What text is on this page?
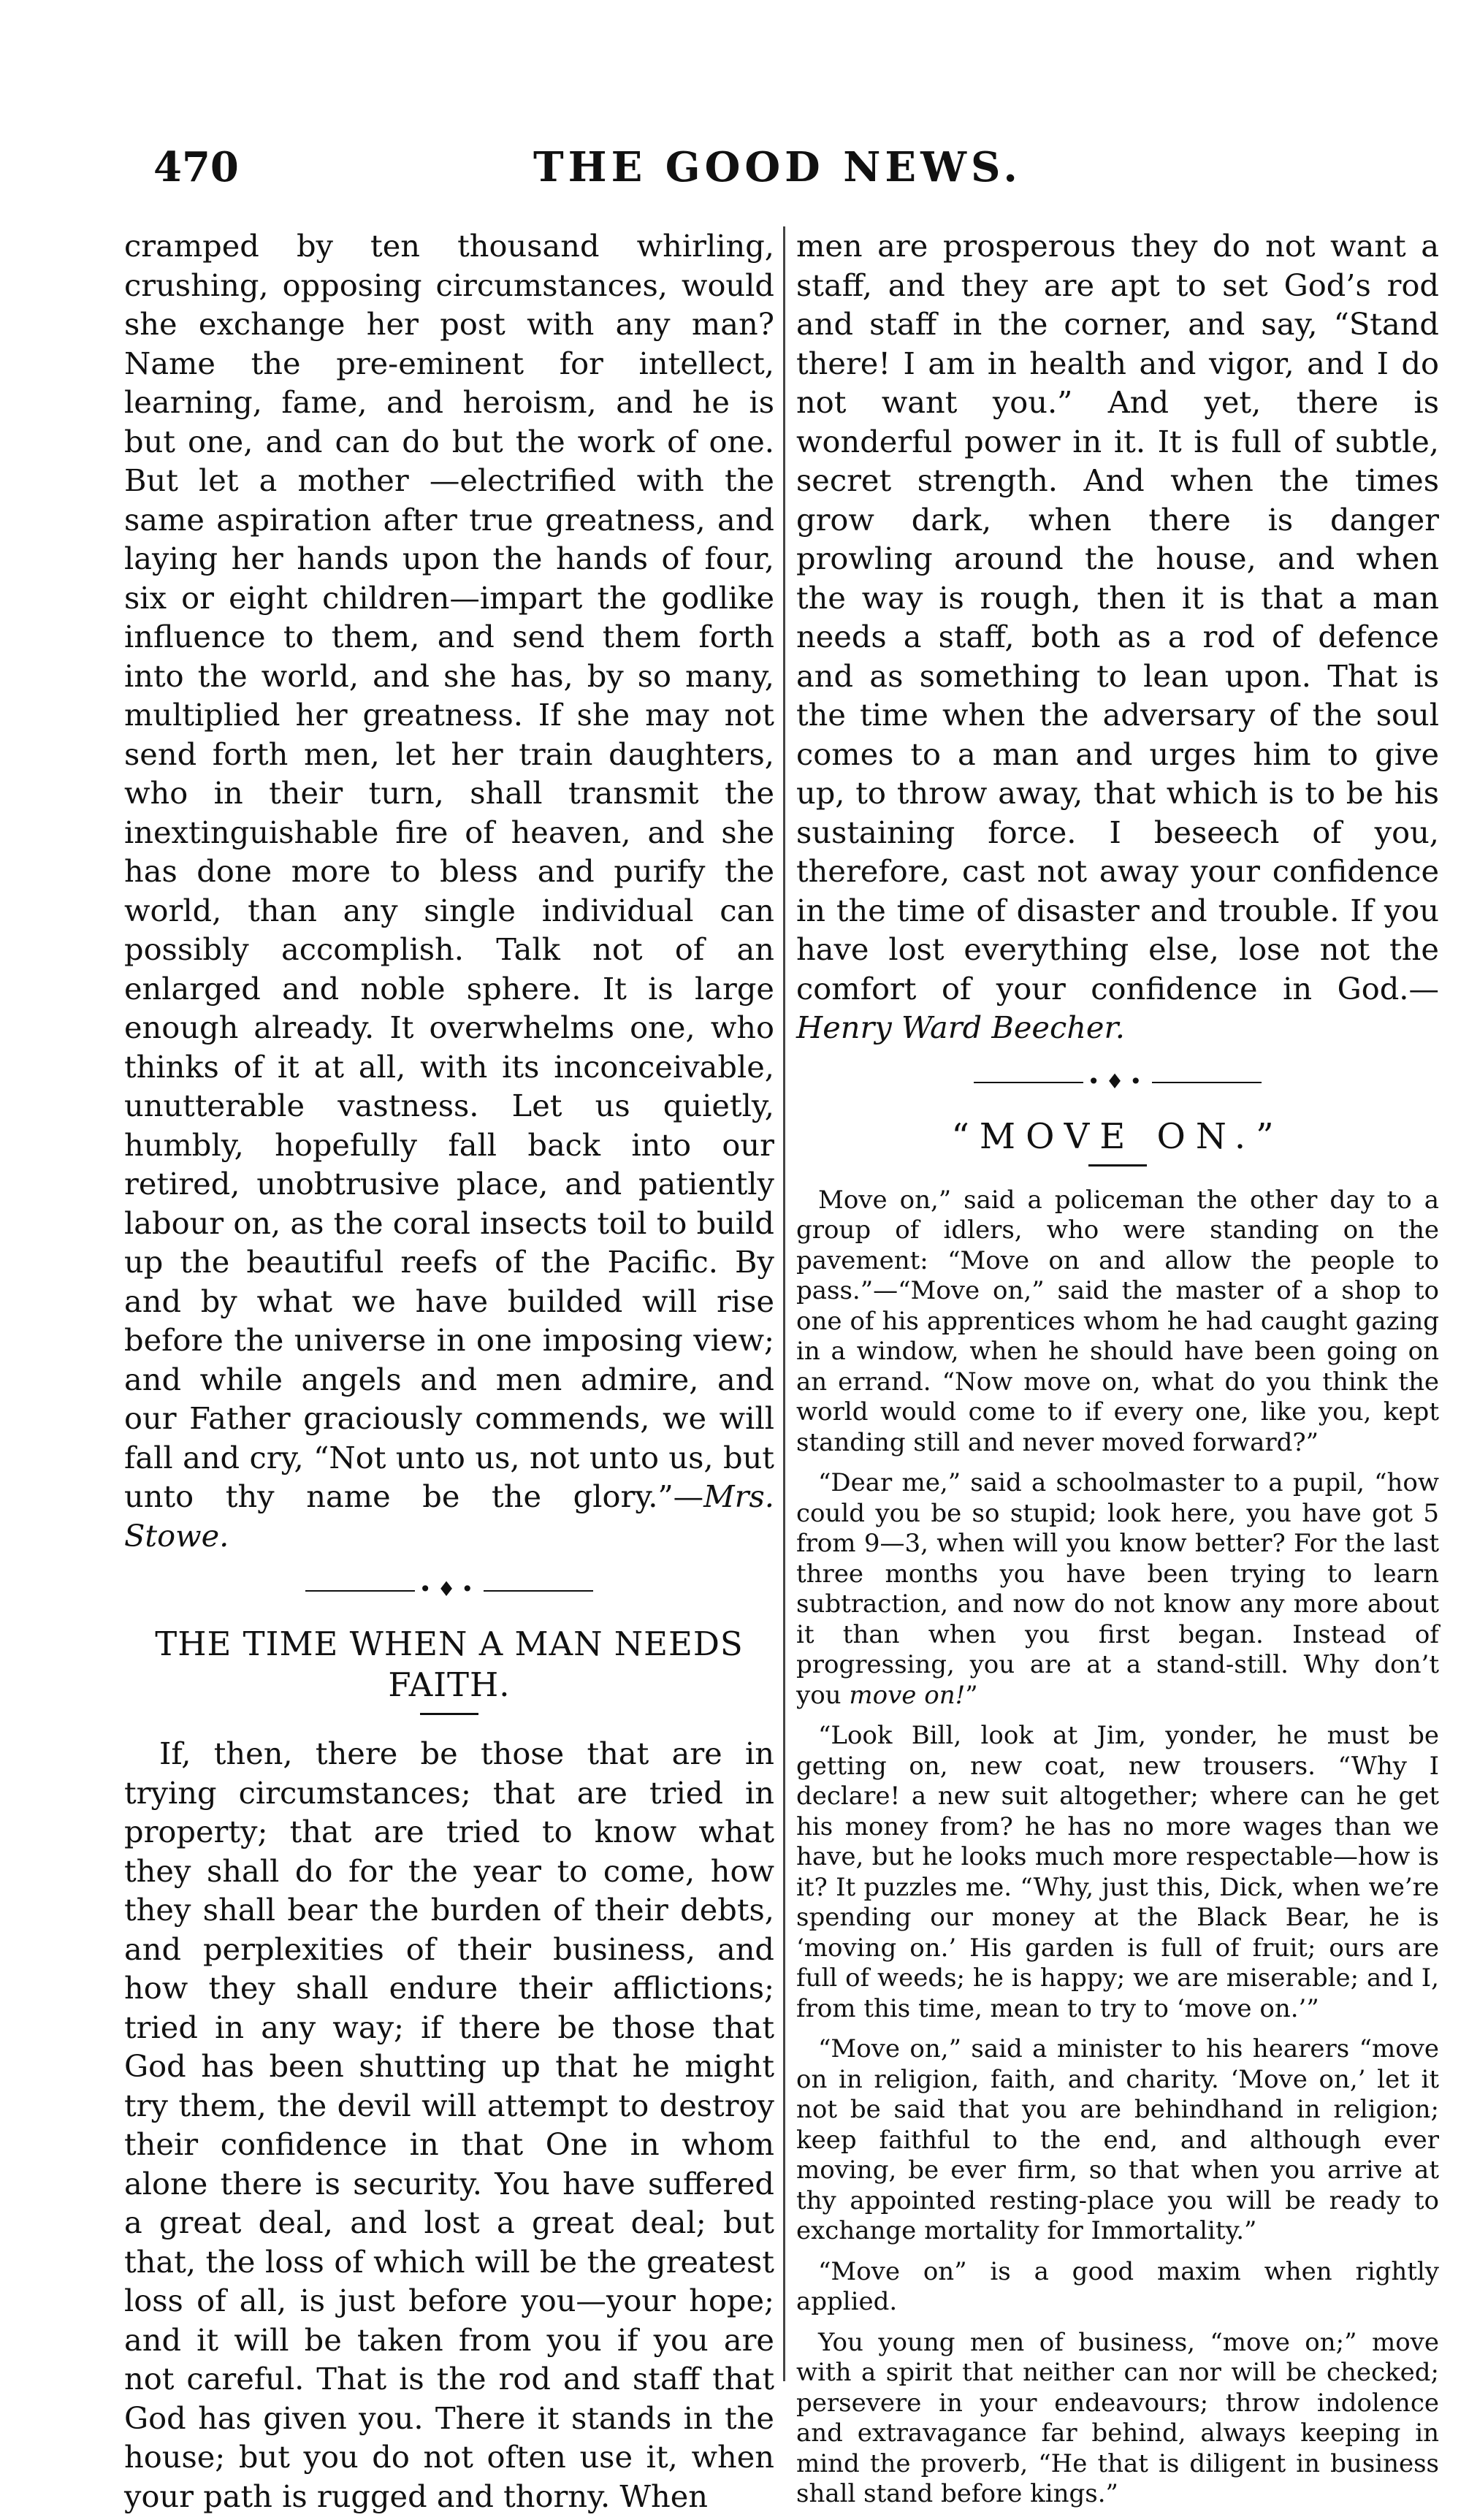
470	THE GOOD NEWS.

cramped by ten thousand whirling, crushing, opposing circumstances, would she exchange her post with any man? Name the pre-eminent for intellect, learning, fame, and heroism, and he is but one, and can do but the work of one. But let a mother —electrified with the same aspiration after true greatness, and laying her hands upon the hands of four, six or eight children—impart the godlike influence to them, and send them forth into the world, and she has, by so many, multiplied her greatness. If she may not send forth men, let her train daughters, who in their turn, shall transmit the inextinguishable fire of heaven, and she has done more to bless and purify the world, than any single individual can possibly accomplish. Talk not of an enlarged and noble sphere. It is large enough already. It overwhelms one, who thinks of it at all, with its inconceivable, unutterable vastness. Let us quietly, humbly, hopefully fall back into our retired, unobtrusive place, and patiently labour on, as the coral insects toil to build up the beautiful reefs of the Pacific. By and by what we have builded will rise before the universe in one imposing view; and while angels and men admire, and our Father graciously commends, we will fall and cry, “Not unto us, not unto us, but unto thy name be the glory.”—Mrs. Stowe.

•♦•
THE TIME WHEN A MAN NEEDS FAITH.

If, then, there be those that are in trying circumstances; that are tried in property; that are tried to know what they shall do for the year to come, how they shall bear the burden of their debts, and perplexities of their business, and how they shall endure their afflictions; tried in any way; if there be those that God has been shutting up that he might try them, the devil will attempt to destroy their confidence in that One in whom alone there is security. You have suffered a great deal, and lost a great deal; but that, the loss of which will be the greatest loss of all, is just before you—your hope; and it will be taken from you if you are not careful. That is the rod and staff that God has given you. There it stands in the house; but you do not often use it, when your path is rugged and thorny. When

men are prosperous they do not want a staff, and they are apt to set God’s rod and staff in the corner, and say, “Stand there! I am in health and vigor, and I do not want you.” And yet, there is wonderful power in it. It is full of subtle, secret strength. And when the times grow dark, when there is danger prowling around the house, and when the way is rough, then it is that a man needs a staff, both as a rod of defence and as something to lean upon. That is the time when the adversary of the soul comes to a man and urges him to give up, to throw away, that which is to be his sustaining force. I beseech of you, therefore, cast not away your confidence in the time of disaster and trouble. If you have lost everything else, lose not the comfort of your confidence in God.—Henry Ward Beecher.

•♦•
“MOVE ON.”

Move on,” said a policeman the other day to a group of idlers, who were standing on the pavement: “Move on and allow the people to pass.”—“Move on,” said the master of a shop to one of his apprentices whom he had caught gazing in a window, when he should have been going on an errand. “Now move on, what do you think the world would come to if every one, like you, kept standing still and never moved forward?”

“Dear me,” said a schoolmaster to a pupil, “how could you be so stupid; look here, you have got 5 from 9—3, when will you know better? For the last three months you have been trying to learn subtraction, and now do not know any more about it than when you first began. Instead of progressing, you are at a stand-still. Why don’t you move on!”

“Look Bill, look at Jim, yonder, he must be getting on, new coat, new trousers. “Why I declare! a new suit altogether; where can he get his money from? he has no more wages than we have, but he looks much more respectable—how is it? It puzzles me. “Why, just this, Dick, when we’re spending our money at the Black Bear, he is ‘moving on.’ His garden is full of fruit; ours are full of weeds; he is happy; we are miserable; and I, from this time, mean to try to ‘move on.’”

“Move on,” said a minister to his hearers “move on in religion, faith, and charity. ‘Move on,’ let it not be said that you are behindhand in religion; keep faithful to the end, and although ever moving, be ever firm, so that when you arrive at thy appointed resting-place you will be ready to exchange mortality for Immortality.”

“Move on” is a good maxim when rightly applied.

You young men of business, “move on;” move with a spirit that neither can nor will be checked; persevere in your endeavours; throw indolence and extravagance far behind, always keeping in mind the proverb, “He that is diligent in business shall stand before kings.”
